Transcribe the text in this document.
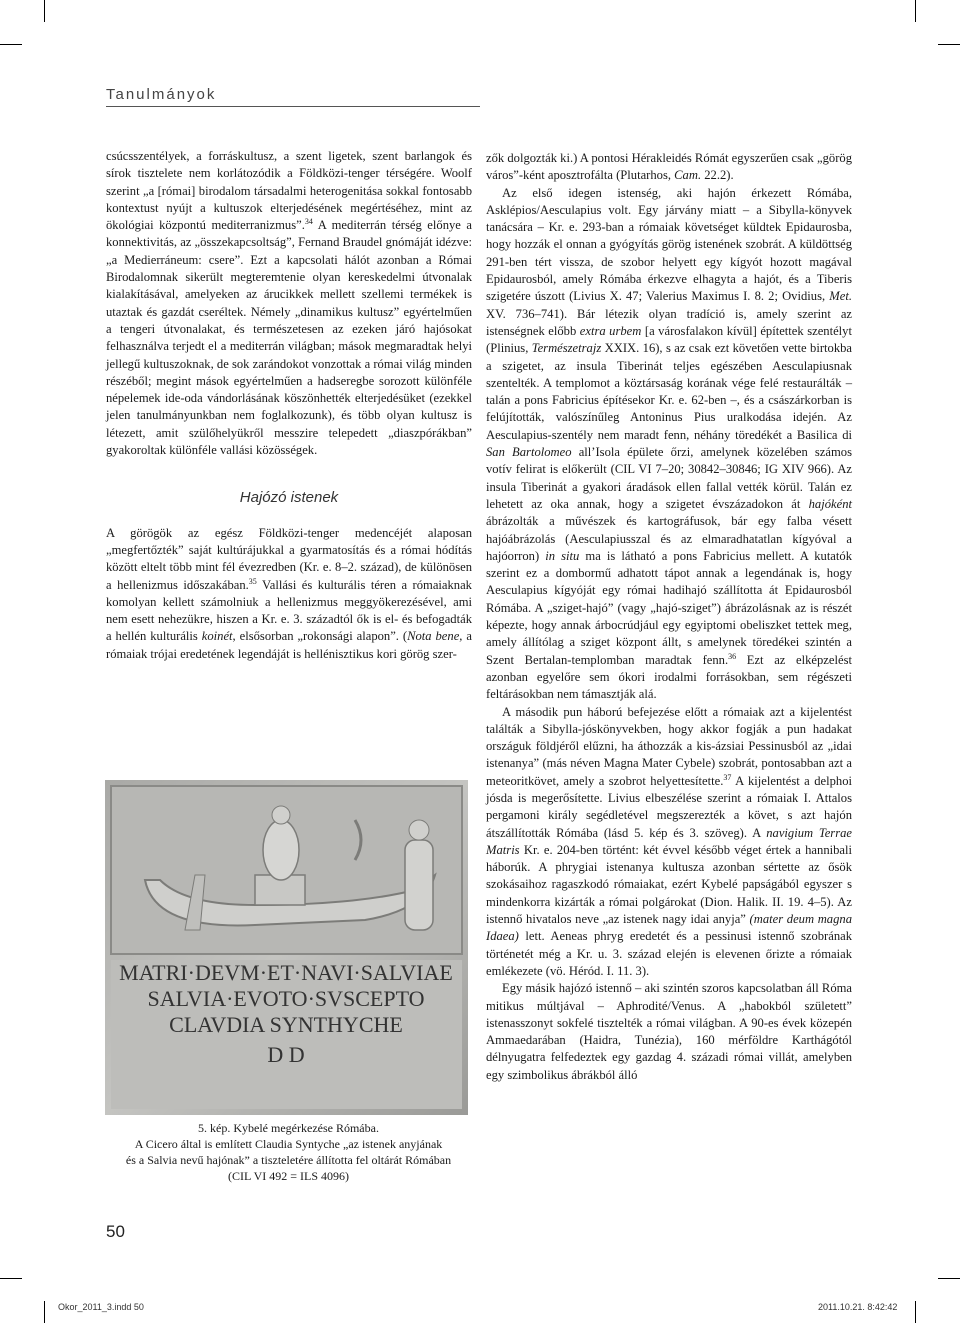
Tanulmányok

csúcsszentélyek, a forráskultusz, a szent ligetek, szent barlangok és sírok tisztelete nem korlátozódik a Földközi-tenger térségére. Woolf szerint „a [római] birodalom társadalmi heterogenitása sokkal fontosabb kontextust nyújt a kultuszok elterjedésének megértéséhez, mint az ökológiai központú mediterranizmus”.$^{34}$ A mediterrán térség előnye a konnektivitás, az „összekapcsoltság”, Fernand Braudel gnómáját idézve: „a Medierráneum: csere”. Ezt a kapcsolati hálót azonban a Római Birodalomnak sikerült megteremtenie olyan kereskedelmi útvonalak kialakításával, amelyeken az árucikkek mellett szellemi termékek is utaztak és gazdát cseréltek. Némely „dinamikus kultusz” egyértelműen a tengeri útvonalakat, és természetesen az ezeken járó hajósokat felhasználva terjedt el a mediterrán világban; mások megmaradtak helyi jellegű kultuszoknak, de sok zarándokot vonzottak a római világ minden részéből; megint mások egyértelműen a hadseregbe sorozott különféle népelemek ide-oda vándorlásának köszönhették elterjedésüket (ezekkel jelen tanulmányunkban nem foglalkozunk), és több olyan kultusz is létezett, amit szülőhelyükről messzire telepedett „diaszpórákban” gyakoroltak különféle vallási közösségek.

Hajózó istenek

A görögök az egész Földközi-tenger medencéjét alaposan „megfertőzték” saját kultúrájukkal a gyarmatosítás és a római hódítás között eltelt több mint fél évezredben (Kr. e. 8–2. század), de különösen a hellenizmus időszakában.$^{35}$ Vallási és kulturális téren a rómaiaknak komolyan kellett számolniuk a hellenizmus meggyökerezésével, ami nem esett nehezükre, hiszen a Kr. e. 3. századtól ők is el- és befogadták a hellén kulturális koinét, elsősorban „rokonsági alapon”. (Nota bene, a rómaiak trójai eredetének legendáját is hellénisztikus kori görög szer-

MATRI·DEVM·ET·NAVI·SALVIAE
SALVIA·EVOTO·SVSCEPTO
CLAVDIA SYNTHYCHE
D D
5. kép. Kybelé megérkezése Rómába.
A Cicero által is említett Claudia Syntyche „az istenek anyjának
és a Salvia nevű hajónak” a tiszteletére állította fel oltárát Rómában
(CIL VI 492 = ILS 4096)

zők dolgozták ki.) A pontosi Hérakleidés Rómát egyszerűen csak „görög város”-ként aposztrofálta (Plutarhos, Cam. 22.2).

Az első idegen istenség, aki hajón érkezett Rómába, Asklépios/Aesculapius volt. Egy járvány miatt – a Sibylla-könyvek tanácsára – Kr. e. 293-ban a rómaiak követséget küldtek Epidaurosba, hogy hozzák el onnan a gyógyítás görög istenének szobrát. A küldöttség 291-ben tért vissza, de szobor helyett egy kígyót hozott magával Epidaurosból, amely Rómába érkezve elhagyta a hajót, és a Tiberis szigetére úszott (Livius X. 47; Valerius Maximus I. 8. 2; Ovidius, Met. XV. 736–741). Bár létezik olyan tradíció is, amely szerint az istenségnek előbb extra urbem [a városfalakon kívül] építettek szentélyt (Plinius, Természetrajz XXIX. 16), s az csak ezt követően vette birtokba a szigetet, az insula Tiberinát teljes egészében Aesculapiusnak szentelték. A templomot a köztársaság korának vége felé restaurálták – talán a pons Fabricius építésekor Kr. e. 62-ben –, és a császárkorban is felújították, valószínűleg Antoninus Pius uralkodása idején. Az Aesculapius-szentély nem maradt fenn, néhány töredékét a Basilica di San Bartolomeo all’Isola épülete őrzi, amelynek közelében számos votív felirat is előkerült (CIL VI 7–20; 30842–30846; IG XIV 966). Az insula Tiberinát a gyakori áradások ellen fallal vették körül. Talán ez lehetett az oka annak, hogy a szigetet évszázadokon át hajóként ábrázolták a művészek és kartográfusok, bár egy falba vésett hajóábrázolás (Aesculapiusszal és az elmaradhatatlan kígyóval a hajóorron) in situ ma is látható a pons Fabricius mellett. A kutatók szerint ez a dombormű adhatott tápot annak a legendának is, hogy Aesculapius kígyóját egy római hadihajó szállította át Epidaurosból Rómába. A „sziget-hajó” (vagy „hajó-sziget”) ábrázolásnak az is részét képezte, hogy annak árbocrúdjául egy egyiptomi obeliszket tettek meg, amely állítólag a sziget központ állt, s amelynek töredékei szintén a Szent Bertalan-templomban maradtak fenn.$^{36}$ Ezt az elképzelést azonban egyelőre sem ókori irodalmi forrásokban, sem régészeti feltárásokban nem támasztják alá.

A második pun háború befejezése előtt a rómaiak azt a kijelentést találták a Sibylla-jóskönyvekben, hogy akkor fogják a pun hadakat országuk földjéről elűzni, ha áthozzák a kis-ázsiai Pessinusból az „idai istenanya” (más néven Magna Mater Cybele) szobrát, pontosabban azt a meteoritkövet, amely a szobrot helyettesítette.$^{37}$ A kijelentést a delphoi jósda is megerősítette. Livius elbeszélése szerint a rómaiak I. Attalos pergamoni király segédletével megszerezték a követ, s azt hajón átszállították Rómába (lásd 5. kép és 3. szöveg). A navigium Terrae Matris Kr. e. 204-ben történt: két évvel később véget értek a hannibali háborúk. A phrygiai istenanya kultusza azonban sértette az ősök szokásaihoz ragaszkodó rómaiakat, ezért Kybelé papságából egyszer s mindenkorra kizárták a római polgárokat (Dion. Halik. II. 19. 4–5). Az istennő hivatalos neve „az istenek nagy idai anyja” (mater deum magna Idaea) lett. Aeneas phryg eredetét és a pessinusi istennő szobrának történetét még a Kr. u. 3. század elején is elevenen őrizte a rómaiak emlékezete (vö. Héród. I. 11. 3).

Egy másik hajózó istennő – aki szintén szoros kapcsolatban áll Róma mitikus múltjával – Aphrodité/Venus. A „habokból született” istenasszonyt sokfelé tisztelték a római világban. A 90-es évek közepén Ammaedarában (Haidra, Tunézia), 160 mérföldre Karthágótól délnyugatra felfedeztek egy gazdag 4. századi római villát, amelyben egy szimbolikus ábrákból álló

50
Okor_2011_3.indd 50	2011.10.21. 8:42:42
